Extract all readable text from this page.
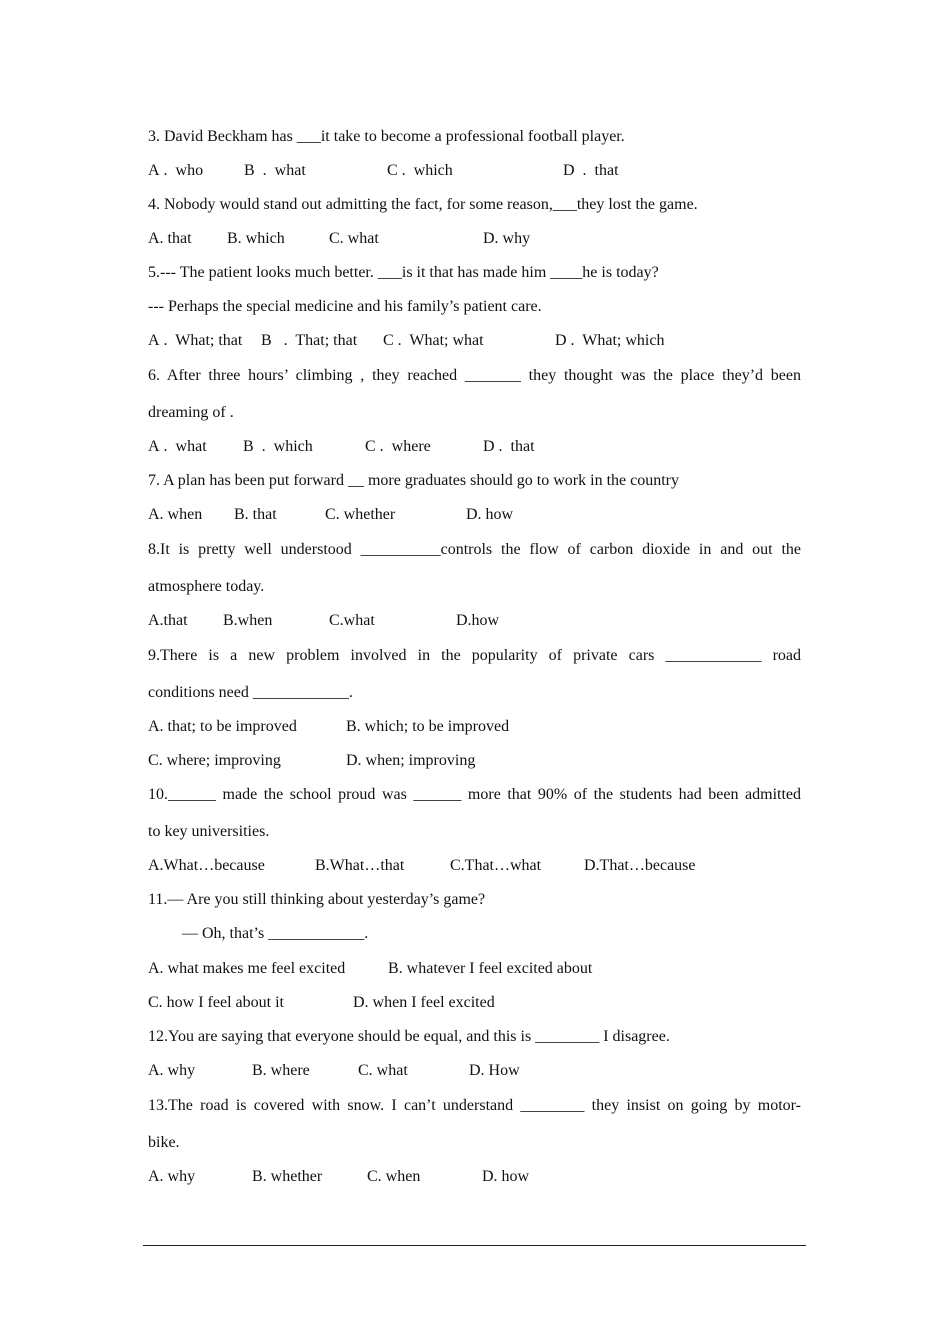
3. David Beckham has ___it take to become a professional football player.

A .  who	B  .  what	C .  which	D  .  that

4. Nobody would stand out admitting the fact, for some reason,___they lost the game.

A. that B. which	C. what	D. why

5.--- The patient looks much better. ___is it that has made him ____he is today?

--- Perhaps the special medicine and his family’s patient care.

A .  What; that B   .  That; that C .  What; what	D .  What; which

6. After three hours’ climbing , they reached _______ they thought was the place they’d been

dreaming of .

A .  what B  .  which	C .  where	D .  that

7. A plan has been put forward __ more graduates should go to work in the country

A. when B. that	C. whether	D. how

8.It is pretty well understood __________controls the flow of carbon dioxide in and out the

atmosphere today.

A.that B.when	C.what	D.how

9.There is a new problem involved in the popularity of private cars ____________ road

conditions need ____________.

A. that; to be improved	B. which; to be improved
C. where; improving	D. when; improving

10.______ made the school proud was ______ more that 90% of the students had been admitted

to key universities.

A.What…because	B.What…that	C.That…what	D.That…because

11.— Are you still thinking about yesterday’s game?

— Oh, that’s ____________.

A. what makes me feel excited	B. whatever I feel excited about
C. how I feel about it	D. when I feel excited

12.You are saying that everyone should be equal, and this is ________ I disagree.

A. why	B. where	C. what	D. How

13.The road is covered with snow. I can’t understand ________ they insist on going by motor-

bike.

A. why	B. whether	C. when	D. how
